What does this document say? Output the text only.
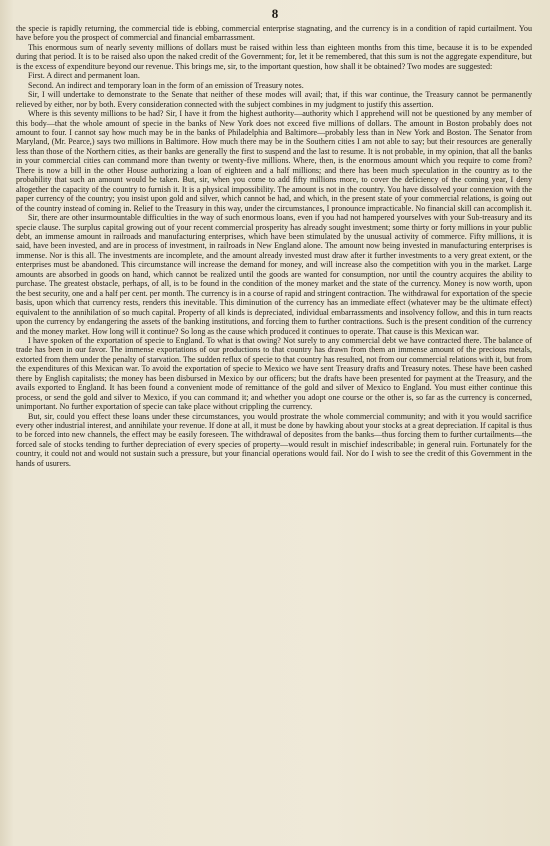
8

the specie is rapidly returning, the commercial tide is ebbing, commercial enterprise stagnating, and the currency is in a condition of rapid curtailment. You have before you the prospect of commercial and financial embarrassment.

This enormous sum of nearly seventy millions of dollars must be raised within less than eighteen months from this time, because it is to be expended during that period. It is to be raised also upon the naked credit of the Government; for, let it be remembered, that this sum is not the aggregate expenditure, but is the excess of expenditure beyond our revenue. This brings me, sir, to the important question, how shall it be obtained? Two modes are suggested:

First. A direct and permanent loan.

Second. An indirect and temporary loan in the form of an emission of Treasury notes.

Sir, I will undertake to demonstrate to the Senate that neither of these modes will avail; that, if this war continue, the Treasury cannot be permanently relieved by either, nor by both. Every consideration connected with the subject combines in my judgment to justify this assertion.

Where is this seventy millions to be had? Sir, I have it from the highest authority—authority which I apprehend will not be questioned by any member of this body—that the whole amount of specie in the banks of New York does not exceed five millions of dollars. The amount in Boston probably does not amount to four. I cannot say how much may be in the banks of Philadelphia and Baltimore—probably less than in New York and Boston. The Senator from Maryland, (Mr. Pearce,) says two millions in Baltimore. How much there may be in the Southern cities I am not able to say; but their resources are generally less than those of the Northern cities, as their banks are generally the first to suspend and the last to resume. It is not probable, in my opinion, that all the banks in your commercial cities can command more than twenty or twenty-five millions. Where, then, is the enormous amount which you require to come from? There is now a bill in the other House authorizing a loan of eighteen and a half millions; and there has been much speculation in the country as to the probability that such an amount would be taken. But, sir, when you come to add fifty millions more, to cover the deficiency of the coming year, I deny altogether the capacity of the country to furnish it. It is a physical impossibility. The amount is not in the country. You have dissolved your connexion with the paper currency of the country; you insist upon gold and silver, which cannot be had, and which, in the present state of your commercial relations, is going out of the country instead of coming in. Relief to the Treasury in this way, under the circumstances, I pronounce impracticable. No financial skill can accomplish it.

Sir, there are other insurmountable difficulties in the way of such enormous loans, even if you had not hampered yourselves with your Sub-treasury and its specie clause. The surplus capital growing out of your recent commercial prosperity has already sought investment; some thirty or forty millions in your public debt, an immense amount in railroads and manufacturing enterprises, which have been stimulated by the unusual activity of commerce. Fifty millions, it is said, have been invested, and are in process of investment, in railroads in New England alone. The amount now being invested in manufacturing enterprises is immense. Nor is this all. The investments are incomplete, and the amount already invested must draw after it further investments to a very great extent, or the enterprises must be abandoned. This circumstance will increase the demand for money, and will increase also the competition with you in the market. Large amounts are absorbed in goods on hand, which cannot be realized until the goods are wanted for consumption, nor until the country acquires the ability to purchase. The greatest obstacle, perhaps, of all, is to be found in the condition of the money market and the state of the currency. Money is now worth, upon the best security, one and a half per cent. per month. The currency is in a course of rapid and stringent contraction. The withdrawal for exportation of the specie basis, upon which that currency rests, renders this inevitable. This diminution of the currency has an immediate effect (whatever may be the ultimate effect) equivalent to the annihilation of so much capital. Property of all kinds is depreciated, individual embarrassments and insolvency follow, and this in turn reacts upon the currency by endangering the assets of the banking institutions, and forcing them to further contractions. Such is the present condition of the currency and the money market. How long will it continue? So long as the cause which produced it continues to operate. That cause is this Mexican war.

I have spoken of the exportation of specie to England. To what is that owing? Not surely to any commercial debt we have contracted there. The balance of trade has been in our favor. The immense exportations of our productions to that country has drawn from them an immense amount of the precious metals, extorted from them under the penalty of starvation. The sudden reflux of specie to that country has resulted, not from our commercial relations with it, but from the expenditures of this Mexican war. To avoid the exportation of specie to Mexico we have sent Treasury drafts and Treasury notes. These have been cashed there by English capitalists; the money has been disbursed in Mexico by our officers; but the drafts have been presented for payment at the Treasury, and the avails exported to England. It has been found a convenient mode of remittance of the gold and silver of Mexico to England. You must either continue this process, or send the gold and silver to Mexico, if you can command it; and whether you adopt one course or the other is, so far as the currency is concerned, unimportant. No further exportation of specie can take place without crippling the currency.

But, sir, could you effect these loans under these circumstances, you would prostrate the whole commercial community; and with it you would sacrifice every other industrial interest, and annihilate your revenue. If done at all, it must be done by hawking about your stocks at a great depreciation. If capital is thus to be forced into new channels, the effect may be easily foreseen. The withdrawal of deposites from the banks—thus forcing them to further curtailments—the forced sale of stocks tending to further depreciation of every species of property—would result in mischief indescribable; in general ruin. Fortunately for the country, it could not and would not sustain such a pressure, but your financial operations would fail. Nor do I wish to see the credit of this Government in the hands of usurers.
